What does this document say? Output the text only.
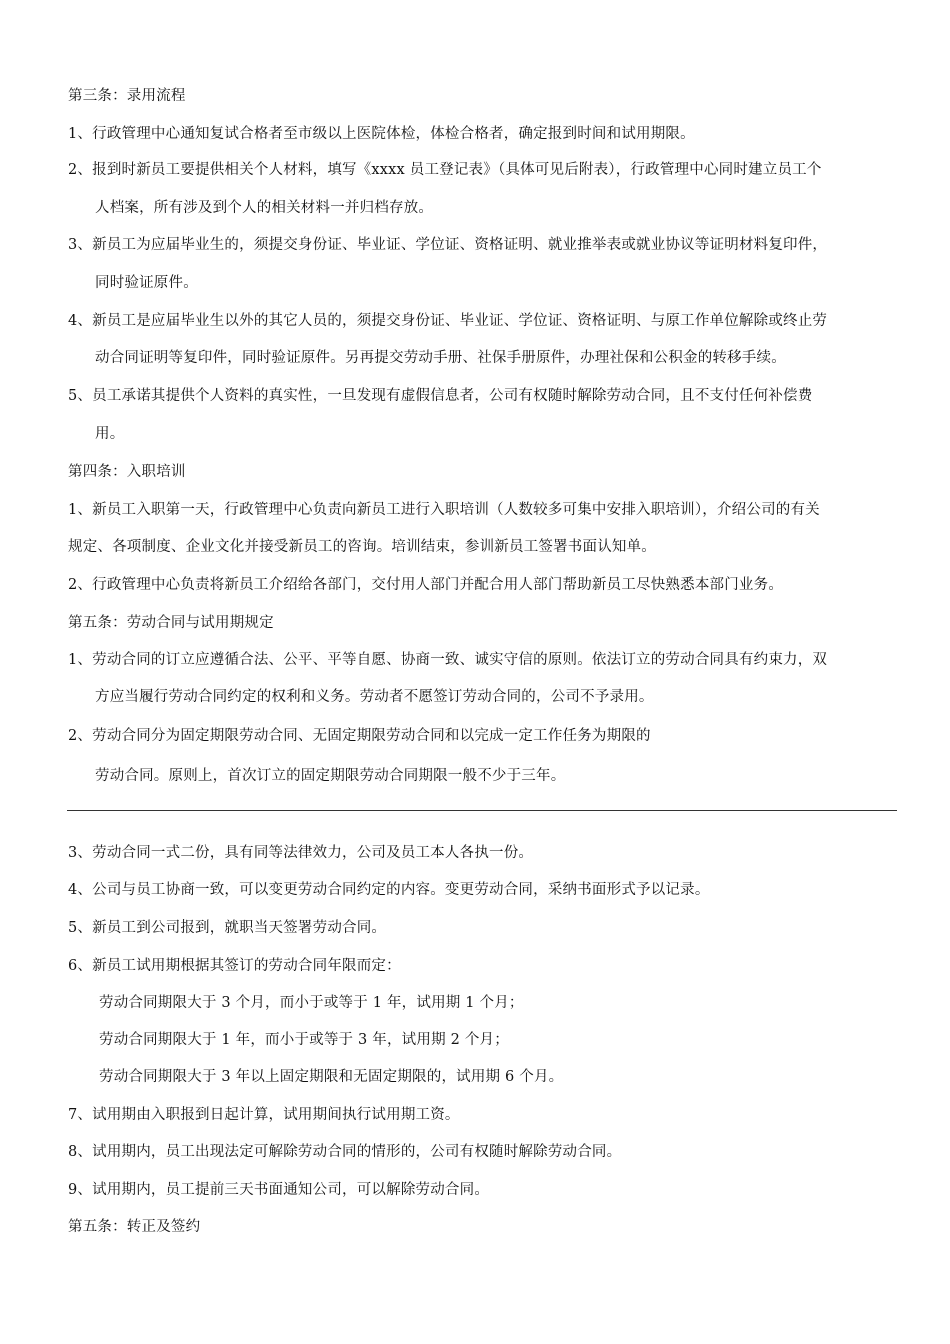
第三条：录用流程
1、行政管理中心通知复试合格者至市级以上医院体检，体检合格者，确定报到时间和试用期限。
2、报到时新员工要提供相关个人材料，填写《xxxx 员工登记表》（具体可见后附表），行政管理中心同时建立员工个
人档案，所有涉及到个人的相关材料一并归档存放。
3、新员工为应届毕业生的，须提交身份证、毕业证、学位证、资格证明、就业推举表或就业协议等证明材料复印件，
同时验证原件。
4、新员工是应届毕业生以外的其它人员的，须提交身份证、毕业证、学位证、资格证明、与原工作单位解除或终止劳
动合同证明等复印件，同时验证原件。另再提交劳动手册、社保手册原件，办理社保和公积金的转移手续。
5、员工承诺其提供个人资料的真实性，一旦发现有虚假信息者，公司有权随时解除劳动合同，且不支付任何补偿费
用。
第四条：入职培训
1、新员工入职第一天，行政管理中心负责向新员工进行入职培训（人数较多可集中安排入职培训），介绍公司的有关
规定、各项制度、企业文化并接受新员工的咨询。培训结束，参训新员工签署书面认知单。
2、行政管理中心负责将新员工介绍给各部门，交付用人部门并配合用人部门帮助新员工尽快熟悉本部门业务。
第五条：劳动合同与试用期规定
1、劳动合同的订立应遵循合法、公平、平等自愿、协商一致、诚实守信的原则。依法订立的劳动合同具有约束力，双
方应当履行劳动合同约定的权利和义务。劳动者不愿签订劳动合同的，公司不予录用。
2、劳动合同分为固定期限劳动合同、无固定期限劳动合同和以完成一定工作任务为期限的
劳动合同。原则上，首次订立的固定期限劳动合同期限一般不少于三年。
3、劳动合同一式二份，具有同等法律效力，公司及员工本人各执一份。
4、公司与员工协商一致，可以变更劳动合同约定的内容。变更劳动合同，采纳书面形式予以记录。
5、新员工到公司报到，就职当天签署劳动合同。
6、新员工试用期根据其签订的劳动合同年限而定：
劳动合同期限大于 3 个月，而小于或等于 1 年，试用期 1 个月；
劳动合同期限大于 1 年，而小于或等于 3 年，试用期 2 个月；
劳动合同期限大于 3 年以上固定期限和无固定期限的，试用期 6 个月。
7、试用期由入职报到日起计算，试用期间执行试用期工资。
8、试用期内，员工出现法定可解除劳动合同的情形的，公司有权随时解除劳动合同。
9、试用期内，员工提前三天书面通知公司，可以解除劳动合同。
第五条：转正及签约
